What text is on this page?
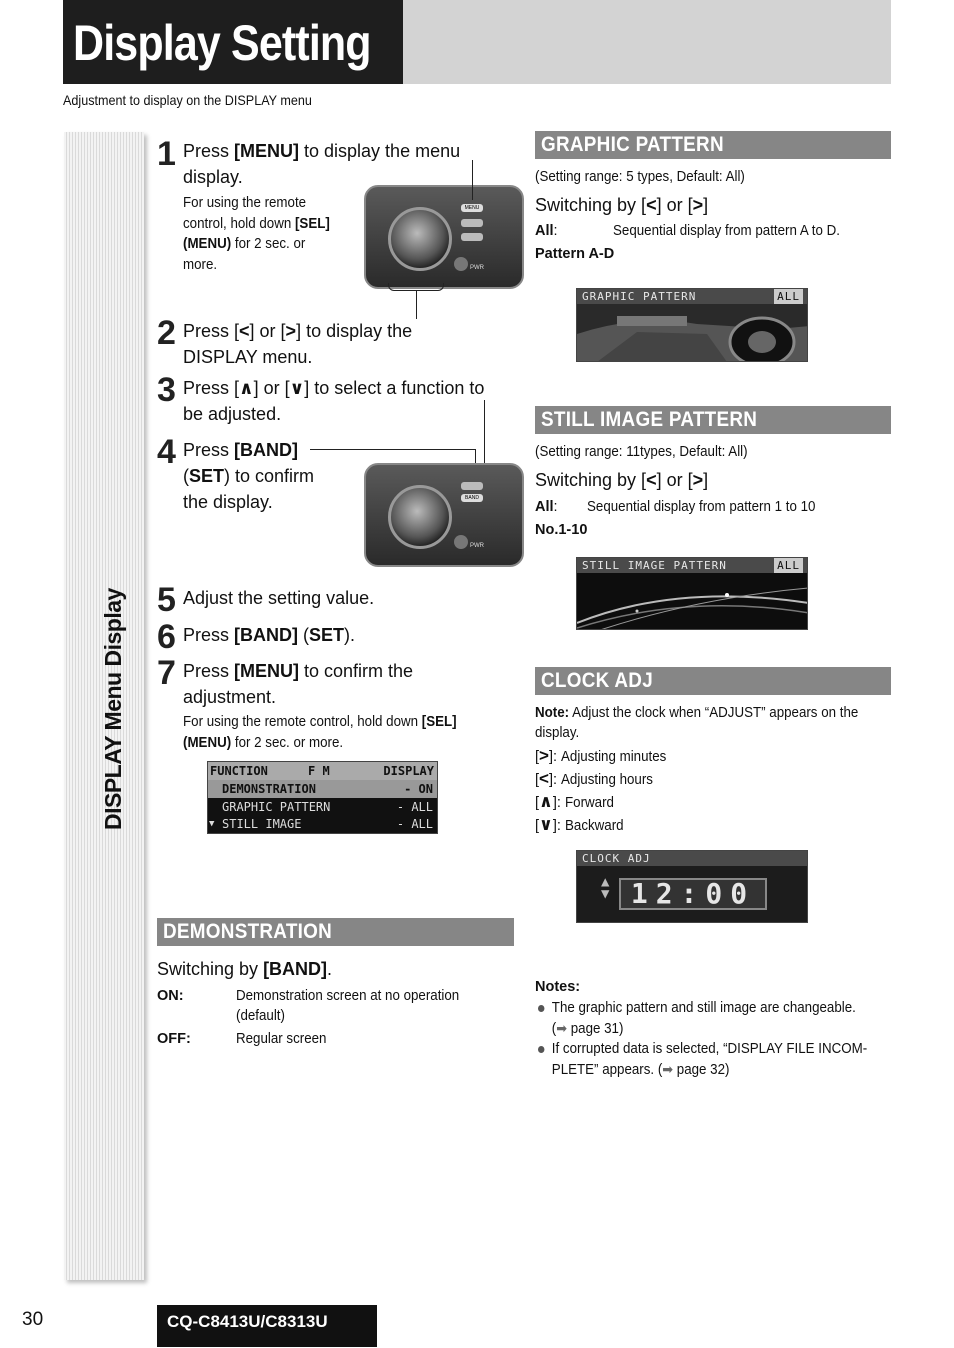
Display Setting
Adjustment to display on the DISPLAY menu
DISPLAY Menu Display
1 Press [MENU] to display the menu display.
For using the remote control, hold down [SEL] (MENU) for 2 sec. or more.
MENU
PWR
2 Press [<] or [>] to display the
DISPLAY menu.
3 Press [∧] or [∨] to select a function to
be adjusted.
4 Press [BAND]
(SET) to confirm
the display.	BAND
PWR
5 Adjust the setting value.
6 Press [BAND] (SET).
7 Press [MENU] to confirm the
adjustment.
For using the remote control, hold down [SEL]
(MENU) for 2 sec. or more.
FUNCTION	F M	DISPLAY
DEMONSTRATION	- ON
GRAPHIC PATTERN	- ALL
▼ STILL IMAGE	- ALL
DEMONSTRATION
Switching by [BAND].
ON:	Demonstration screen at no operation
(default)
OFF:	Regular screen
GRAPHIC PATTERN
(Setting range: 5 types, Default: All)
Switching by [<] or [>]
All:	Sequential display from pattern A to D.
Pattern A-D
GRAPHIC PATTERN	ALL
STILL IMAGE PATTERN
(Setting range: 11types, Default: All)
Switching by [<] or [>]
All: Sequential display from pattern 1 to 10
No.1-10
STILL IMAGE PATTERN	ALL
CLOCK ADJ
Note: Adjust the clock when “ADJUST” appears on the
display.
[>]: Adjusting minutes
[<]: Adjusting hours
[∧]: Forward
[∨]: Backward
CLOCK ADJ
▲
▼ 12:00
Notes:
The graphic pattern and still image are changeable.
(➡ page 31)
If corrupted data is selected, “DISPLAY FILE INCOM-
PLETE” appears. (➡ page 32)
30	CQ-C8413U/C8313U
